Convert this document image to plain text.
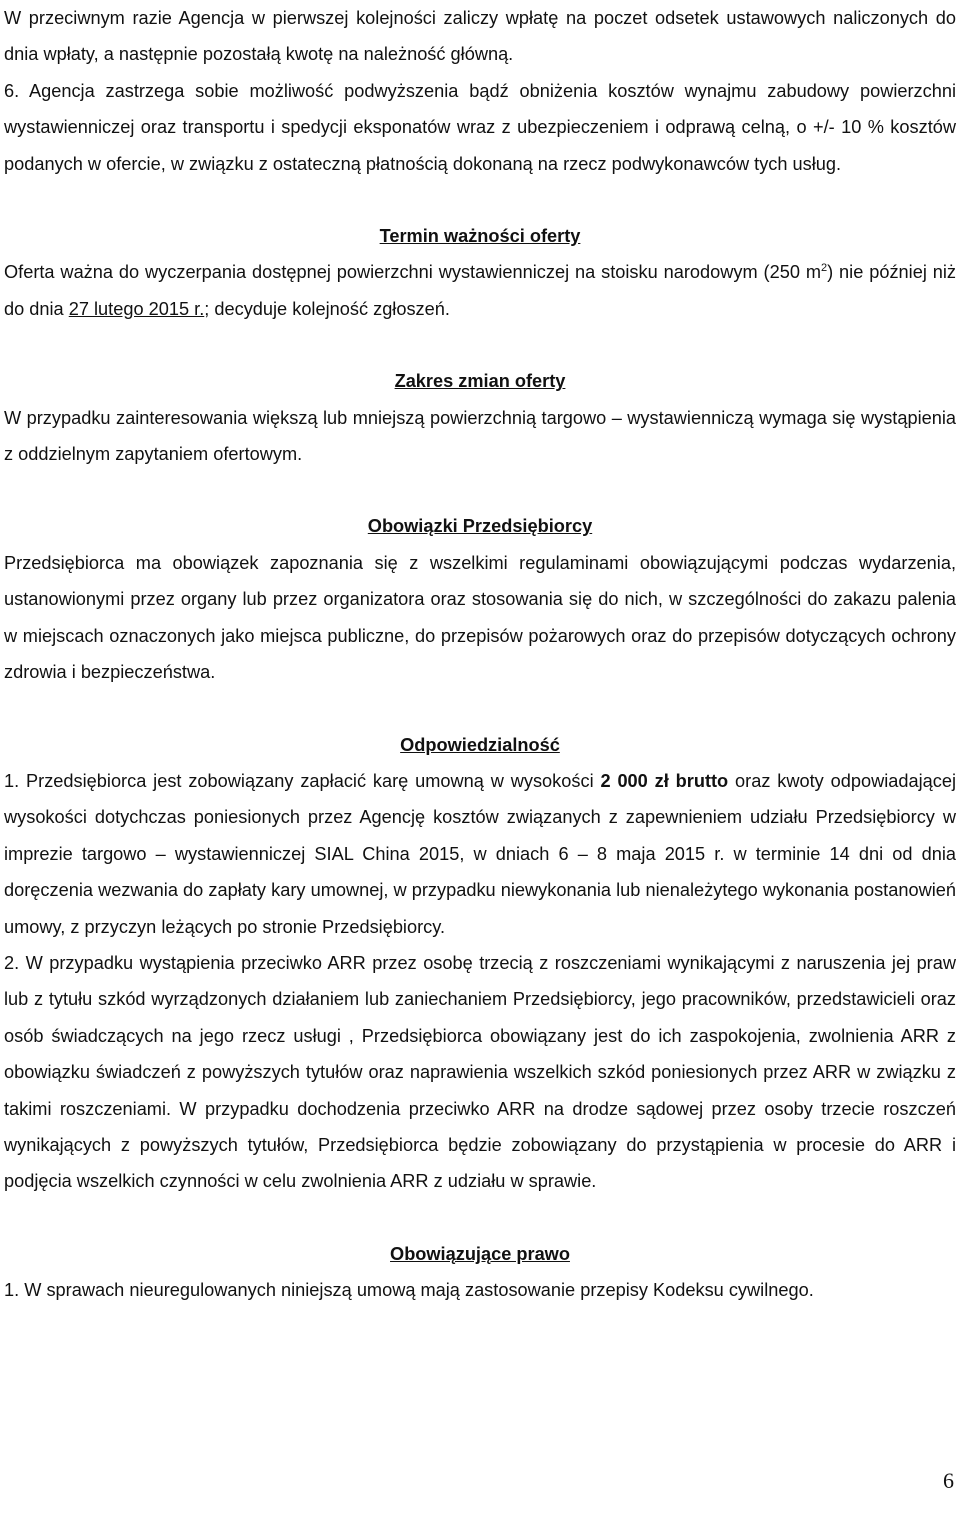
W przeciwnym razie Agencja w pierwszej kolejności zaliczy wpłatę na poczet odsetek ustawowych naliczonych do dnia wpłaty, a następnie pozostałą kwotę na należność główną.

6. Agencja zastrzega sobie możliwość podwyższenia bądź obniżenia kosztów wynajmu zabudowy powierzchni wystawienniczej oraz transportu i spedycji eksponatów wraz z ubezpieczeniem i odprawą celną, o +/- 10 % kosztów podanych w ofercie, w związku z ostateczną płatnością dokonaną na rzecz podwykonawców tych usług.

Termin ważności oferty

Oferta ważna do wyczerpania dostępnej powierzchni wystawienniczej na stoisku narodowym (250 $m^2$) nie później niż do dnia 27 lutego 2015 r.; decyduje kolejność zgłoszeń.

Zakres zmian oferty

W przypadku zainteresowania większą lub mniejszą powierzchnią targowo – wystawienniczą wymaga się wystąpienia z oddzielnym zapytaniem ofertowym.

Obowiązki Przedsiębiorcy

Przedsiębiorca ma obowiązek zapoznania się z wszelkimi regulaminami obowiązującymi podczas wydarzenia, ustanowionymi przez organy lub przez organizatora oraz stosowania się do nich, w szczególności do zakazu palenia w miejscach oznaczonych jako miejsca publiczne, do przepisów pożarowych oraz do przepisów dotyczących ochrony zdrowia i bezpieczeństwa.

Odpowiedzialność

1. Przedsiębiorca jest zobowiązany zapłacić karę umowną w wysokości 2 000 zł brutto oraz kwoty odpowiadającej wysokości dotychczas poniesionych przez Agencję kosztów związanych z zapewnieniem udziału Przedsiębiorcy w imprezie targowo – wystawienniczej SIAL China 2015, w dniach 6 – 8 maja 2015 r. w terminie 14 dni od dnia doręczenia wezwania do zapłaty kary umownej, w przypadku niewykonania lub nienależytego wykonania postanowień umowy, z przyczyn leżących po stronie Przedsiębiorcy.

2. W przypadku wystąpienia przeciwko ARR przez osobę trzecią z roszczeniami wynikającymi z naruszenia jej praw lub z tytułu szkód wyrządzonych działaniem lub zaniechaniem Przedsiębiorcy, jego pracowników, przedstawicieli oraz osób świadczących na jego rzecz usługi , Przedsiębiorca obowiązany jest do ich zaspokojenia, zwolnienia ARR z obowiązku świadczeń z powyższych tytułów oraz naprawienia wszelkich szkód poniesionych przez ARR w związku z takimi roszczeniami. W przypadku dochodzenia przeciwko ARR na drodze sądowej przez osoby trzecie roszczeń wynikających z powyższych tytułów, Przedsiębiorca będzie zobowiązany do przystąpienia w procesie do ARR i podjęcia wszelkich czynności w celu zwolnienia ARR z udziału w sprawie.

Obowiązujące prawo

1. W sprawach nieuregulowanych niniejszą umową mają zastosowanie przepisy Kodeksu cywilnego.

6
